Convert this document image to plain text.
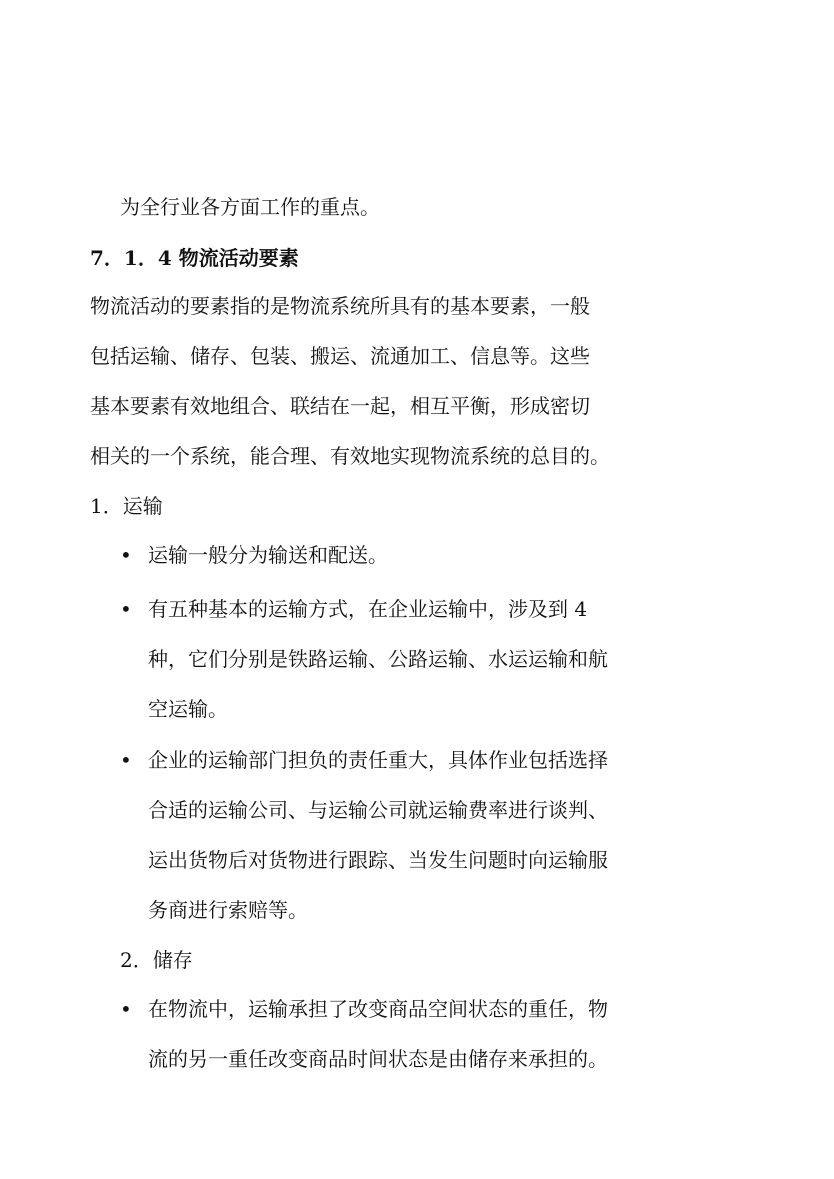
为全行业各方面工作的重点。

7．1．4 物流活动要素

物流活动的要素指的是物流系统所具有的基本要素，一般

包括运输、储存、包装、搬运、流通加工、信息等。这些

基本要素有效地组合、联结在一起，相互平衡，形成密切

相关的一个系统，能合理、有效地实现物流系统的总目的。

1．运输

• 运输一般分为输送和配送。

• 有五种基本的运输方式，在企业运输中，涉及到 4

种，它们分别是铁路运输、公路运输、水运运输和航

空运输。

• 企业的运输部门担负的责任重大，具体作业包括选择

合适的运输公司、与运输公司就运输费率进行谈判、

运出货物后对货物进行跟踪、当发生问题时向运输服

务商进行索赔等。

2．储存

• 在物流中，运输承担了改变商品空间状态的重任，物

流的另一重任改变商品时间状态是由储存来承担的。
